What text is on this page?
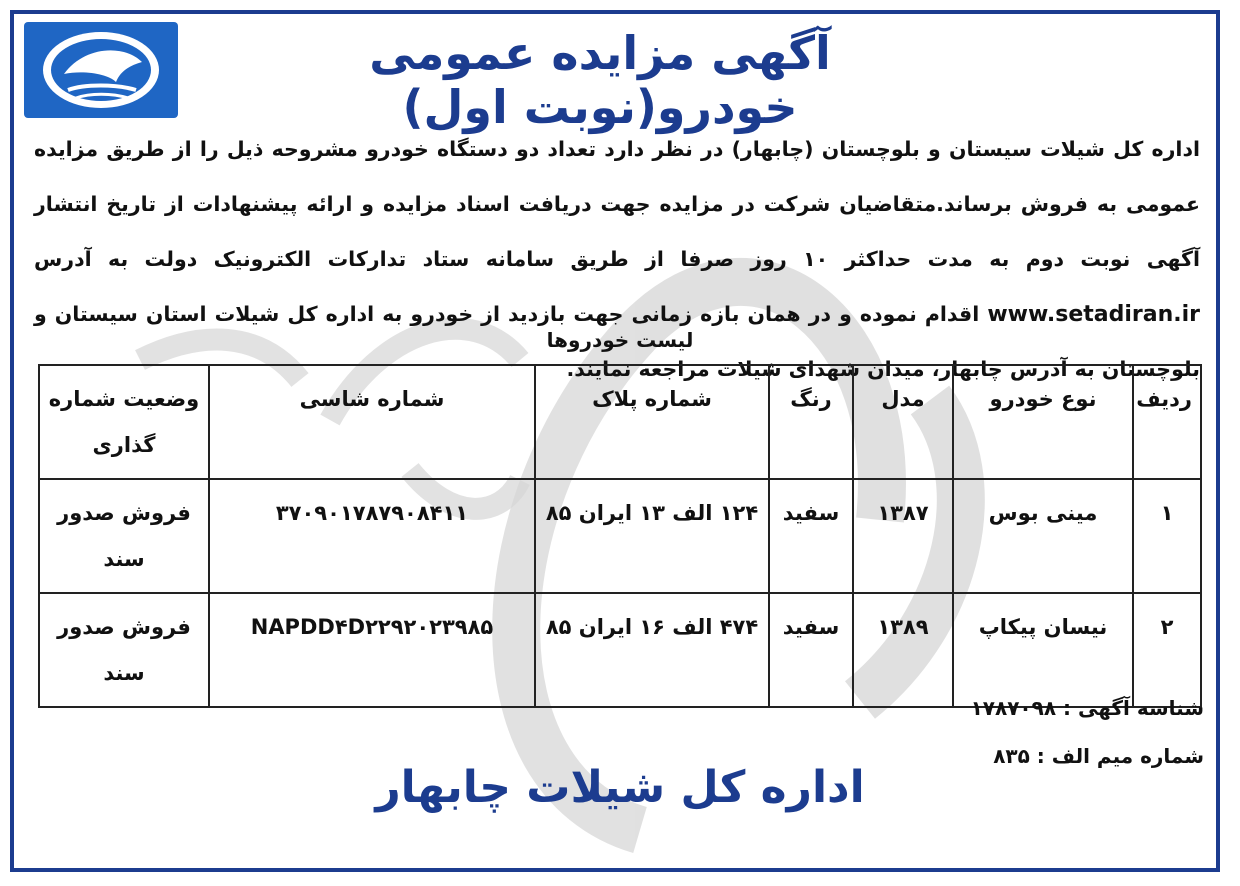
آگهی مزایده عمومی خودرو(نوبت اول)
اداره کل شیلات سیستان و بلوچستان (چابهار) در نظر دارد تعداد دو دستگاه خودرو مشروحه ذیل را از طریق مزایده عمومی به فروش برساند.متقاضیان شرکت در مزایده جهت دریافت اسناد مزایده و ارائه پیشنهادات از تاریخ انتشار آگهی نوبت دوم به مدت حداکثر ۱۰ روز صرفا از طریق سامانه ستاد تدارکات الکترونیک دولت به آدرس www.setadiran.ir اقدام نموده و در همان بازه زمانی جهت بازدید از خودرو به اداره کل شیلات استان سیستان و بلوچستان به آدرس چابهار، میدان شهدای شیلات مراجعه نمایند.
لیست خودروها
ردیف	نوع خودرو	مدل	رنگ	شماره پلاک	شماره شاسی	وضعیت شماره گذاری
۱	مینی بوس	۱۳۸۷	سفید	۱۲۴ الف ۱۳ ایران ۸۵	۳۷۰۹۰۱۷۸۷۹۰۸۴۱۱	فروش صدور سند
۲	نیسان پیکاپ	۱۳۸۹	سفید	۴۷۴ الف ۱۶ ایران ۸۵	NAPDD۴D۲۲۹۲۰۲۳۹۸۵	فروش صدور سند
شناسه آگهی : ۱۷۸۷۰۹۸
شماره میم الف : ۸۳۵
اداره کل شیلات چابهار
